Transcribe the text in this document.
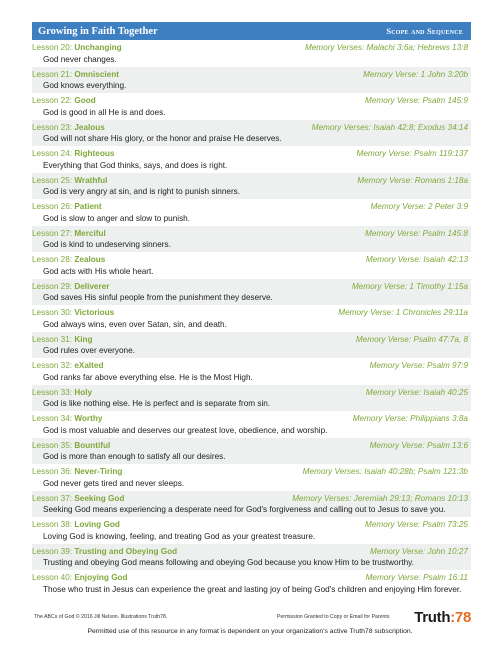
Growing in Faith Together	Scope and Sequence
Lesson 20: Unchanging	Memory Verses: Malachi 3:6a; Hebrews 13:8
God never changes.
Lesson 21: Omniscient	Memory Verse: 1 John 3:20b
God knows everything.
Lesson 22: Good	Memory Verse: Psalm 145:9
God is good in all He is and does.
Lesson 23: Jealous	Memory Verses: Isaiah 42:8; Exodus 34:14
God will not share His glory, or the honor and praise He deserves.
Lesson 24: Righteous	Memory Verse: Psalm 119:137
Everything that God thinks, says, and does is right.
Lesson 25: Wrathful	Memory Verse: Romans 1:18a
God is very angry at sin, and is right to punish sinners.
Lesson 26: Patient	Memory Verse: 2 Peter 3:9
God is slow to anger and slow to punish.
Lesson 27: Merciful	Memory Verse: Psalm 145:8
God is kind to undeserving sinners.
Lesson 28: Zealous	Memory Verse: Isaiah 42:13
God acts with His whole heart.
Lesson 29: Deliverer	Memory Verse: 1 Timothy 1:15a
God saves His sinful people from the punishment they deserve.
Lesson 30: Victorious	Memory Verse: 1 Chronicles 29:11a
God always wins, even over Satan, sin, and death.
Lesson 31: King	Memory Verse: Psalm 47:7a, 8
God rules over everyone.
Lesson 32: eXalted	Memory Verse: Psalm 97:9
God ranks far above everything else. He is the Most High.
Lesson 33: Holy	Memory Verse: Isaiah 40:25
God is like nothing else. He is perfect and is separate from sin.
Lesson 34: Worthy	Memory Verse: Philippians 3:8a
God is most valuable and deserves our greatest love, obedience, and worship.
Lesson 35: Bountiful	Memory Verse: Psalm 13:6
God is more than enough to satisfy all our desires.
Lesson 36: Never-Tiring	Memory Verses: Isaiah 40:28b; Psalm 121:3b
God never gets tired and never sleeps.
Lesson 37: Seeking God	Memory Verses: Jeremiah 29:13; Romans 10:13
Seeking God means experiencing a desperate need for God's forgiveness and calling out to Jesus to save you.
Lesson 38: Loving God	Memory Verse: Psalm 73:25
Loving God is knowing, feeling, and treating God as your greatest treasure.
Lesson 39: Trusting and Obeying God	Memory Verse: John 10:27
Trusting and obeying God means following and obeying God because you know Him to be trustworthy.
Lesson 40: Enjoying God	Memory Verse: Psalm 16:11
Those who trust in Jesus can experience the great and lasting joy of being God's children and enjoying Him forever.
The ABCs of God © 2016 Jill Nelson. Illustrations Truth78.	Permission Granted to Copy or Email for Parents Truth:78
Permitted use of this resource in any format is dependent on your organization's active Truth78 subscription.
